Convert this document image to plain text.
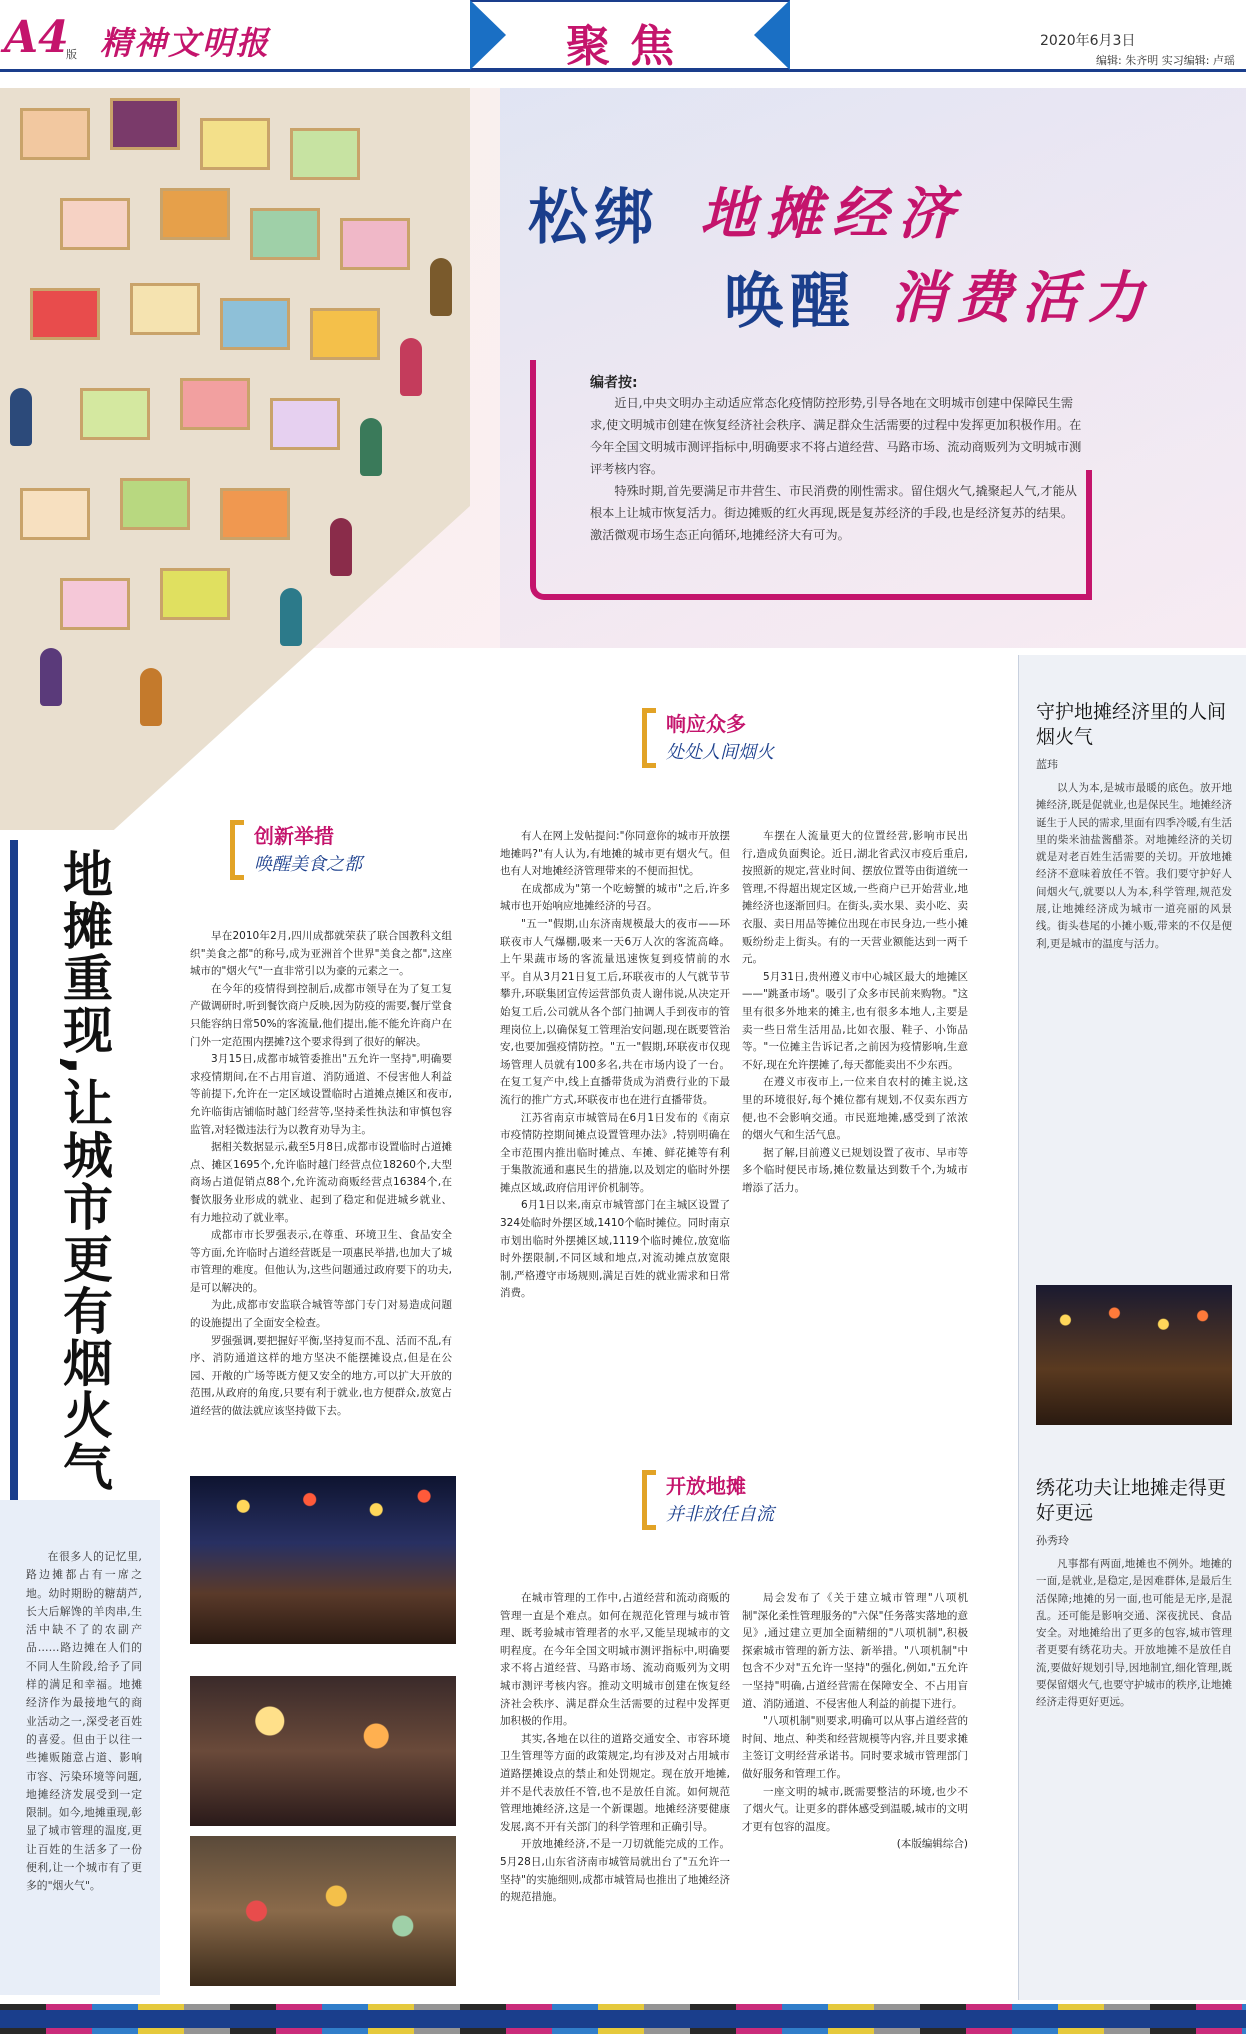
A4
版 精神文明报	聚焦	2020年6月3日
编辑: 朱齐明 实习编辑: 卢瑶
松绑 地摊经济
唤醒 消费活力
编者按:

近日,中央文明办主动适应常态化疫情防控形势,引导各地在文明城市创建中保障民生需求,使文明城市创建在恢复经济社会秩序、满足群众生活需要的过程中发挥更加积极作用。在今年全国文明城市测评指标中,明确要求不将占道经营、马路市场、流动商贩列为文明城市测评考核内容。

特殊时期,首先要满足市井营生、市民消费的刚性需求。留住烟火气,撬聚起人气,才能从根本上让城市恢复活力。街边摊贩的红火再现,既是复苏经济的手段,也是经济复苏的结果。激活微观市场生态正向循环,地摊经济大有可为。

地摊重现,让城市更有烟火气
在很多人的记忆里,路边摊都占有一席之地。幼时期盼的糖葫芦,长大后解馋的羊肉串,生活中缺不了的农副产品……路边摊在人们的不同人生阶段,给予了同样的满足和幸福。地摊经济作为最接地气的商业活动之一,深受老百姓的喜爱。但由于以往一些摊贩随意占道、影响市容、污染环境等问题,地摊经济发展受到一定限制。如今,地摊重现,彰显了城市管理的温度,更让百姓的生活多了一份便利,让一个城市有了更多的"烟火气"。
创新举措
唤醒美食之都
响应众多
处处人间烟火
开放地摊
并非放任自流

早在2010年2月,四川成都就荣获了联合国教科文组织"美食之都"的称号,成为亚洲首个世界"美食之都",这座城市的"烟火气"一直非常引以为豪的元素之一。

在今年的疫情得到控制后,成都市领导在为了复工复产做调研时,听到餐饮商户反映,因为防疫的需要,餐厅堂食只能容纳日常50%的客流量,他们提出,能不能允许商户在门外一定范围内摆摊?这个要求得到了很好的解决。

3月15日,成都市城管委推出"五允许一坚持",明确要求疫情期间,在不占用盲道、消防通道、不侵害他人利益等前提下,允许在一定区域设置临时占道摊点摊区和夜市,允许临街店铺临时越门经营等,坚持柔性执法和审慎包容监管,对轻微违法行为以教育劝导为主。

据相关数据显示,截至5月8日,成都市设置临时占道摊点、摊区1695个,允许临时越门经营点位18260个,大型商场占道促销点88个,允许流动商贩经营点16384个,在餐饮服务业形成的就业、起到了稳定和促进城乡就业、有力地拉动了就业率。

成都市市长罗强表示,在尊重、环境卫生、食品安全等方面,允许临时占道经营既是一项惠民举措,也加大了城市管理的难度。但他认为,这些问题通过政府要下的功夫,是可以解决的。

为此,成都市安监联合城管等部门专门对易造成问题的设施提出了全面安全检查。

罗强强调,要把握好平衡,坚持复而不乱、活而不乱,有序、消防通道这样的地方坚决不能摆摊设点,但是在公园、开敞的广场等既方便又安全的地方,可以扩大开放的范围,从政府的角度,只要有利于就业,也方便群众,放宽占道经营的做法就应该坚持做下去。

有人在网上发帖提问:"你同意你的城市开放摆地摊吗?"有人认为,有地摊的城市更有烟火气。但也有人对地摊经济管理带来的不便而担忧。

在成都成为"第一个吃螃蟹的城市"之后,许多城市也开始响应地摊经济的号召。

"五一"假期,山东济南规模最大的夜市——环联夜市人气爆棚,吸来一天6万人次的客流高峰。上午果蔬市场的客流量迅速恢复到疫情前的水平。自从3月21日复工后,环联夜市的人气就节节攀升,环联集团宣传运营部负责人谢伟说,从决定开始复工后,公司就从各个部门抽调人手到夜市的管理岗位上,以确保复工管理治安问题,现在既要管治安,也要加强疫情防控。"五一"假期,环联夜市仅现场管理人员就有100多名,共在市场内设了一台。在复工复产中,线上直播带货成为消费行业的下最流行的推广方式,环联夜市也在进行直播带货。

江苏省南京市城管局在6月1日发布的《南京市疫情防控期间摊点设置管理办法》,特别明确在全市范围内推出临时摊点、车摊、鲜花摊等有利于集散流通和惠民生的措施,以及划定的临时外摆摊点区域,政府信用评价机制等。

6月1日以来,南京市城管部门在主城区设置了324处临时外摆区域,1410个临时摊位。同时南京市划出临时外摆摊区域,1119个临时摊位,放宽临时外摆限制,不同区域和地点,对流动摊点放宽限制,严格遵守市场规则,满足百姓的就业需求和日常消费。

车摆在人流量更大的位置经营,影响市民出行,造成负面舆论。近日,湖北省武汉市疫后重启,按照新的规定,营业时间、摆放位置等由街道统一管理,不得超出规定区域,一些商户已开始营业,地摊经济也逐渐回归。在街头,卖水果、卖小吃、卖衣服、卖日用品等摊位出现在市民身边,一些小摊贩纷纷走上街头。有的一天营业额能达到一两千元。

5月31日,贵州遵义市中心城区最大的地摊区——"跳蚤市场"。吸引了众多市民前来购物。"这里有很多外地来的摊主,也有很多本地人,主要是卖一些日常生活用品,比如衣服、鞋子、小饰品等。"一位摊主告诉记者,之前因为疫情影响,生意不好,现在允许摆摊了,每天都能卖出不少东西。

在遵义市夜市上,一位来自农村的摊主说,这里的环境很好,每个摊位都有规划,不仅卖东西方便,也不会影响交通。市民逛地摊,感受到了浓浓的烟火气和生活气息。

据了解,目前遵义已规划设置了夜市、早市等多个临时便民市场,摊位数量达到数千个,为城市增添了活力。

在城市管理的工作中,占道经营和流动商贩的管理一直是个难点。如何在规范化管理与城市管理、既考验城市管理者的水平,又能呈现城市的文明程度。在今年全国文明城市测评指标中,明确要求不将占道经营、马路市场、流动商贩列为文明城市测评考核内容。推动文明城市创建在恢复经济社会秩序、满足群众生活需要的过程中发挥更加积极的作用。

其实,各地在以往的道路交通安全、市容环境卫生管理等方面的政策规定,均有涉及对占用城市道路摆摊设点的禁止和处罚规定。现在放开地摊,并不是代表放任不管,也不是放任自流。如何规范管理地摊经济,这是一个新课题。地摊经济要健康发展,离不开有关部门的科学管理和正确引导。

开放地摊经济,不是一刀切就能完成的工作。5月28日,山东省济南市城管局就出台了"五允许一坚持"的实施细则,成都市城管局也推出了地摊经济的规范措施。

局会发布了《关于建立城市管理"八项机制"深化柔性管理服务的"六保"任务落实落地的意见》,通过建立更加全面精细的"八项机制",积极探索城市管理的新方法、新举措。"八项机制"中包含不少对"五允许一坚持"的强化,例如,"五允许一坚持"明确,占道经营需在保障安全、不占用盲道、消防通道、不侵害他人利益的前提下进行。

"八项机制"则要求,明确可以从事占道经营的时间、地点、种类和经营规模等内容,并且要求摊主签订文明经营承诺书。同时要求城市管理部门做好服务和管理工作。

一座文明的城市,既需要整洁的环境,也少不了烟火气。让更多的群体感受到温暖,城市的文明才更有包容的温度。

(本版编辑综合)

守护地摊经济里的人间烟火气
蓝玮
以人为本,是城市最暖的底色。放开地摊经济,既是促就业,也是保民生。地摊经济诞生于人民的需求,里面有四季冷暖,有生活里的柴米油盐酱醋茶。对地摊经济的关切就是对老百姓生活需要的关切。开放地摊经济不意味着放任不管。我们要守护好人间烟火气,就要以人为本,科学管理,规范发展,让地摊经济成为城市一道亮丽的风景线。街头巷尾的小摊小贩,带来的不仅是便利,更是城市的温度与活力。
绣花功夫让地摊走得更好更远
孙秀玲
凡事都有两面,地摊也不例外。地摊的一面,是就业,是稳定,是因难群体,是最后生活保障;地摊的另一面,也可能是无序,是混乱。还可能是影响交通、深夜扰民、食品安全。对地摊给出了更多的包容,城市管理者更要有绣花功夫。开放地摊不是放任自流,要做好规划引导,因地制宜,细化管理,既要保留烟火气,也要守护城市的秩序,让地摊经济走得更好更远。
